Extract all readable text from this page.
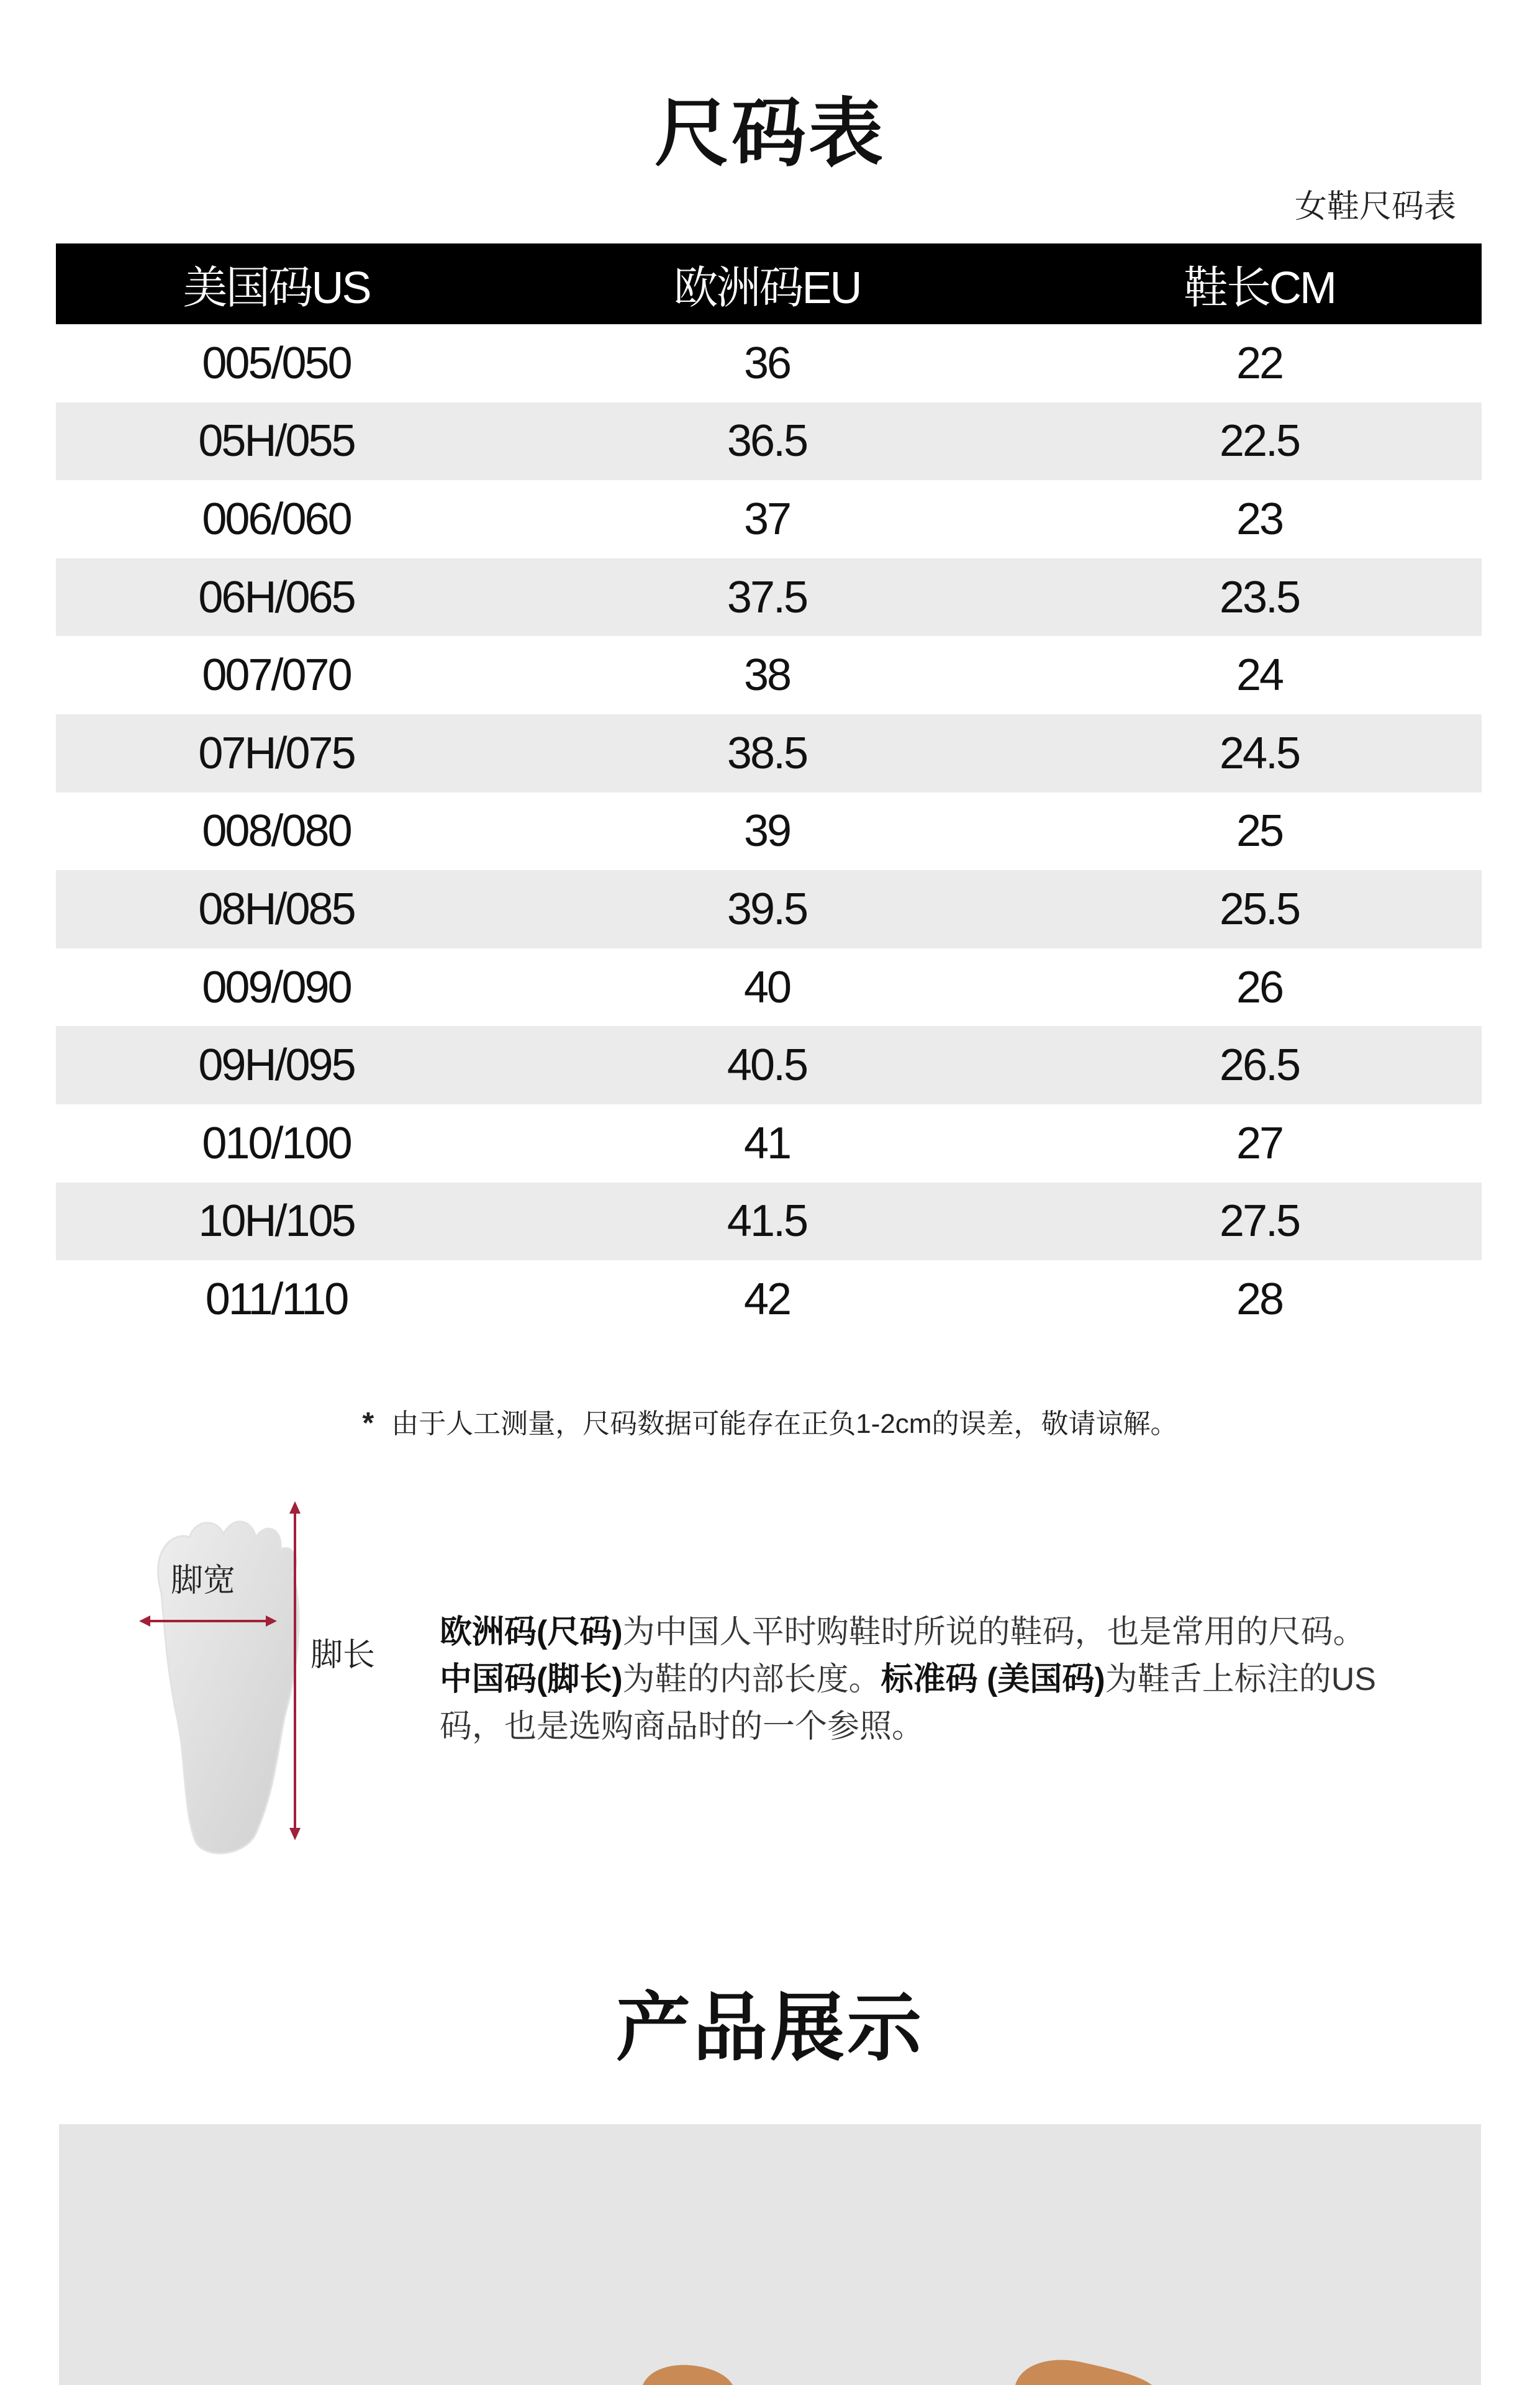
尺码表
女鞋尺码表
美国码US	欧洲码EU	鞋长CM
005/050	36	22
05H/055	36.5	22.5
006/060	37	23
06H/065	37.5	23.5
007/070	38	24
07H/075	38.5	24.5
008/080	39	25
08H/085	39.5	25.5
009/090	40	26
09H/095	40.5	26.5
010/100	41	27
10H/105	41.5	27.5
011/110	42	28
* 由于人工测量，尺码数据可能存在正负1-2cm的误差，敬请谅解。
脚宽
脚长
欧洲码(尺码)为中国人平时购鞋时所说的鞋码，也是常用的尺码。
中国码(脚长)为鞋的内部长度。标准码 (美国码)为鞋舌上标注的US码，也是选购商品时的一个参照。
产品展示
